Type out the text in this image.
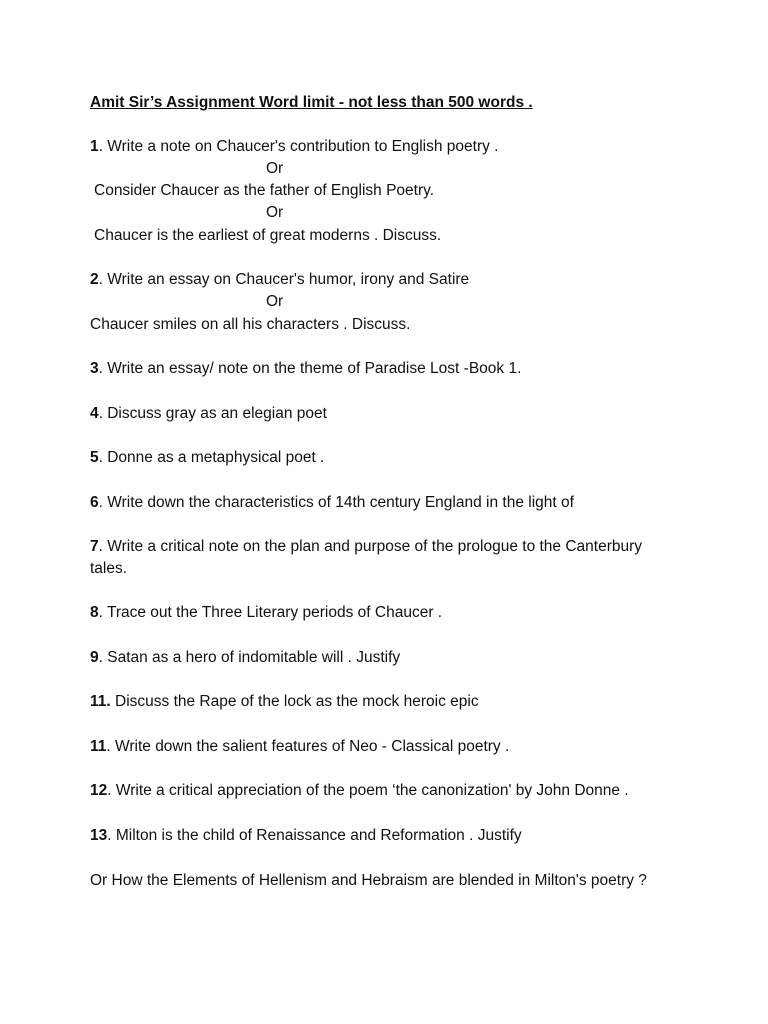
Amit Sir’s Assignment Word limit - not less than 500 words .

1. Write a note on Chaucer's contribution to English poetry .

Or

Consider Chaucer as the father of English Poetry.

Or

Chaucer is the earliest of great moderns . Discuss.

2. Write an essay on Chaucer's humor, irony and Satire

Or

Chaucer smiles on all his characters . Discuss.

3. Write an essay/ note on the theme of Paradise Lost -Book 1.

4. Discuss gray as an elegian poet

5. Donne as a metaphysical poet .

6. Write down the characteristics of 14th century England in the light of

7. Write a critical note on the plan and purpose of the prologue to the Canterbury

tales.

8. Trace out the Three Literary periods of Chaucer .

9. Satan as a hero of indomitable will . Justify

11. Discuss the Rape of the lock as the mock heroic epic

11. Write down the salient features of Neo - Classical poetry .

12. Write a critical appreciation of the poem ‘the canonization' by John Donne .

13. Milton is the child of Renaissance and Reformation . Justify

Or How the Elements of Hellenism and Hebraism are blended in Milton's poetry ?
